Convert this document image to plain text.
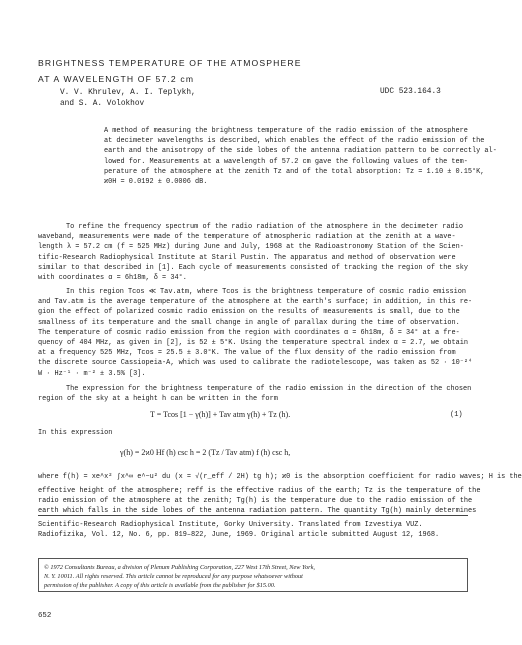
BRIGHTNESS TEMPERATURE OF THE ATMOSPHERE
AT A WAVELENGTH OF 57.2 cm
V. V. Khrulev, A. I. Teplykh,
and S. A. Volokhov
UDC 523.164.3
A method of measuring the brightness temperature of the radio emission of the atmosphere
at decimeter wavelengths is described, which enables the effect of the radio emission of the
earth and the anisotropy of the side lobes of the antenna radiation pattern to be correctly al-
lowed for. Measurements at a wavelength of 57.2 cm gave the following values of the tem-
perature of the atmosphere at the zenith Tz and of the total absorption: Tz = 1.10 ± 0.15°K,
ϰ0H = 0.0192 ± 0.0006 dB.
To refine the frequency spectrum of the radio radiation of the atmosphere in the decimeter radio
waveband, measurements were made of the temperature of atmospheric radiation at the zenith at a wave-
length λ = 57.2 cm (f = 525 MHz) during June and July, 1968 at the Radioastronomy Station of the Scien-
tific-Research Radiophysical Institute at Staril Pustin. The apparatus and method of observation were
similar to that described in [1]. Each cycle of measurements consisted of tracking the region of the sky
with coordinates α = 6h18m, δ = 34°.
In this region Tcos ≪ Tav.atm, where Tcos is the brightness temperature of cosmic radio emission
and Tav.atm is the average temperature of the atmosphere at the earth's surface; in addition, in this re-
gion the effect of polarized cosmic radio emission on the results of measurements is small, due to the
smallness of its temperature and the small change in angle of parallax during the time of observation.
The temperature of cosmic radio emission from the region with coordinates α = 6h18m, δ = 34° at a fre-
quency of 404 MHz, as given in [2], is 52 ± 5°K. Using the temperature spectral index α = 2.7, we obtain
at a frequency 525 MHz, Tcos = 25.5 ± 3.0°K. The value of the flux density of the radio emission from
the discrete source Cassiopeia-A, which was used to calibrate the radiotelescope, was taken as 52 · 10⁻²⁴
W · Hz⁻¹ · m⁻² ± 3.5% [3].
The expression for the brightness temperature of the radio emission in the direction of the chosen
region of the sky at a height h can be written in the form
T = Tcos [1 − γ(h)] + Tav atm γ(h) + Tz (h).	(1)
In this expression
γ(h) = 2ϰ0 Hf (h) csc h = 2 (Tz / Tav atm) f (h) csc h,
where f(h) = xe^x² ∫x^∞ e^−u² du (x = √(r_eff / 2H) tg h); ϰ0 is the absorption coefficient for radio waves; H is the
effective height of the atmosphere; reff is the effective radius of the earth; Tz is the temperature of the
radio emission of the atmosphere at the zenith; Tg(h) is the temperature due to the radio emission of the
earth which falls in the side lobes of the antenna radiation pattern. The quantity Tg(h) mainly determines
Scientific-Research Radiophysical Institute, Gorky University. Translated from Izvestiya VUZ.
Radiofizika, Vol. 12, No. 6, pp. 819–822, June, 1969. Original article submitted August 12, 1968.
© 1972 Consultants Bureau, a division of Plenum Publishing Corporation, 227 West 17th Street, New York,
N. Y. 10011. All rights reserved. This article cannot be reproduced for any purpose whatsoever without
permission of the publisher. A copy of this article is available from the publisher for $15.00.
652
